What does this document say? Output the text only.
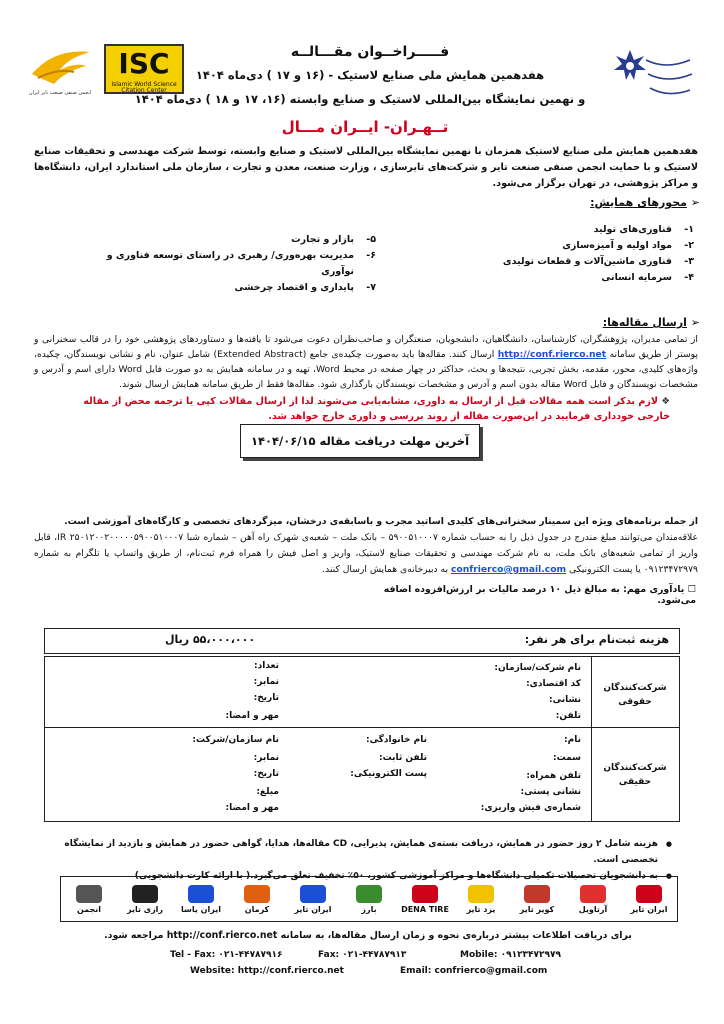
انجمن صنفی صنعت تایر ایران
ISC
Islamic World Science Citation Center
فـــــراخــوان مقـــالــه
هفدهمین همایش ملی صنایع لاستیک - (۱۶ و ۱۷ ) دی‌ماه ۱۴۰۴
و نهمین نمایشگاه بین‌المللی لاستیک و صنایع وابسته (۱۶، ۱۷ و ۱۸ ) دی‌ماه ۱۴۰۴
تــهـران- ایــران مـــال
هفدهمین همایش ملی صنایع لاستیک همزمان با نهمین نمایشگاه بین‌المللی لاستیک و صنایع وابسته، توسط شرکت مهندسی و تحقیقات صنایع لاستیک و با حمایت انجمن صنفی صنعت تایر و شرکت‌های تایرسازی ، وزارت صنعت، معدن و تجارت ، سازمان ملی استاندارد ایران، دانشگاه‌ها و مراکز پژوهشی، در تهران برگزار می‌شود.
➢ محورهای همایش:
۱-
فناوری‌های تولید
۲-
مواد اولیه و آمیزه‌سازی
۳-
فناوری ماشین‌آلات و قطعات تولیدی
۴-
سرمایه انسانی
۵-
بازار و تجارت
۶-
مدیریت بهره‌وری/ رهبری در راستای توسعه فناوری و نوآوری
۷-
پایداری و اقتصاد چرخشی
➢ ارسال مقاله‌ها:
از تمامی مدیران، پژوهشگران، کارشناسان، دانشگاهیان، دانشجویان، صنعتگران و صاحب‌نظران دعوت می‌شود تا یافته‌ها و دستاوردهای پژوهشی خود را در قالب سخنرانی و پوستر از طریق سامانه http://conf.rierco.net ارسال کنند. مقاله‌ها باید به‌صورت چکیده‌ی جامع (Extended Abstract) شامل عنوان، نام و نشانی نویسندگان، چکیده، واژه‌های کلیدی، محور، مقدمه، بخش تجربی، نتیجه‌ها و بحث، حداکثر در چهار صفحه در محیط Word، تهیه و در سامانه همایش به دو صورت فایل Word دارای اسم و آدرس و مشخصات نویسندگان و فایل Word مقاله بدون اسم و آدرس و مشخصات نویسندگان بارگذاری شود. مقاله‌ها فقط از طریق سامانه همایش ارسال شوند.
❖ لازم بذکر است همه مقالات قبل از ارسال به داوری، مشابه‌یابی می‌شوند لذا از ارسال مقالات کپی یا ترجمه محض از مقاله خارجی خودداری فرمایید در این‌صورت مقاله از روند بررسی و داوری خارج خواهد شد.
آخرین مهلت دریافت مقاله ۱۴۰۴/۰۶/۱۵
از جمله برنامه‌های ویژه این سمینار سخنرانی‌های کلیدی اساتید مجرب و باسابقه‌ی درخشان، میزگردهای تخصصی و کارگاه‌های آموزشی است.
علاقه‌مندان می‌توانند مبلغ مندرج در جدول ذیل را به حساب شماره ۵۹۰۰۵۱۰۰۰۷ – بانک ملت – شعبه‌ی شهرک راه آهن – شماره شبا IR ۲۵۰۱۲۰۰۲۰۰۰۰۰۵۹۰۰۵۱۰۰۰۷، قابل واریز از تمامی شعبه‌های بانک ملت، به نام شرکت مهندسی و تحقیقات صنایع لاستیک، واریز و اصل فیش را همراه فرم ثبت‌نام، از طریق واتساپ یا تلگرام به شماره ۰۹۱۲۳۴۷۲۹۷۹ یا پست الکترونیکی confrierco@gmail.com به دبیرخانه‌ی همایش ارسال کنند.
☐ یادآوری مهم: به مبالغ ذیل ۱۰ درصد مالیات بر ارزش‌افزوده اضافه می‌شود.
هزینه ثبت‌نام برای هر نفر:
۵۵،۰۰۰،۰۰۰ ریال
شرکت‌کنندگان حقوقی
نام شرکت/سازمان:
کد اقتصادی:
نشانی:
تلفن:
تعداد:
نمابر:
تاریخ:
مهر و امضا:
شرکت‌کنندگان حقیقی
نام:
سمت:
تلفن همراه:
نشانی پستی:
شماره‌ی فیش واریزی:
نام خانوادگی:
تلفن ثابت:
پست الکترونیکی:
نام سازمان/شرکت:
نمابر:
تاریخ:
مبلغ:
مهر و امضا:
● هزینه شامل ۲ روز حضور در همایش، دریافت بسته‌ی همایش، پذیرایی، CD مقاله‌ها، هدایا، گواهی حضور در همایش و بازدید از نمایشگاه تخصصی است.
● به دانشجویان تحصیلات تکمیلی دانشگاه‌ها و مراکز آموزشی کشور، ۵۰٪ تخفیف تعلق می‌گیرد.( با ارائه کارت دانشجویی)
انجمن	رازی تایر	ایران یاسا	کرمان	ایران تایر	بارز	DENA TIRE	یزد تایر	کویر تایر	آرتاویل	ایران تایر
برای دریافت اطلاعات بیشتر درباره‌ی نحوه و زمان ارسال مقاله‌ها، به سامانه http://conf.rierco.net مراجعه شود.
Tel - Fax: ۰۲۱-۴۴۷۸۷۹۱۶	Fax: ۰۲۱-۴۴۷۸۷۹۱۳	Mobile: ۰۹۱۲۳۴۷۲۹۷۹
Website: http://conf.rierco.net	Email: confrierco@gmail.com
